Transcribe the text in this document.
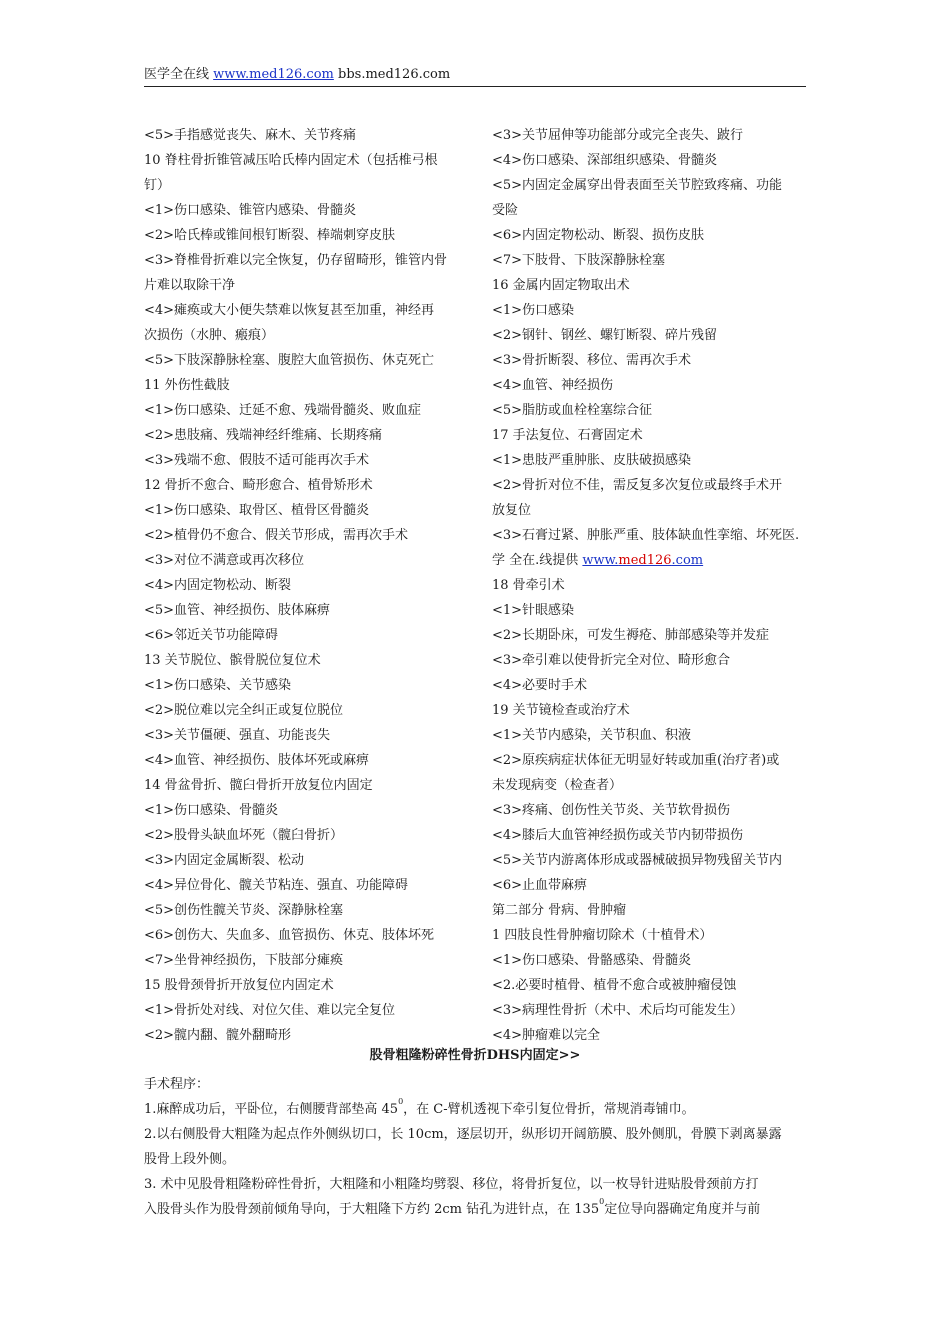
医学全在线 www.med126.com bbs.med126.com
<5>手指感觉丧失、麻木、关节疼痛
10 脊柱骨折锥管减压哈氏棒内固定术（包括椎弓根
钉）
<1>伤口感染、锥管内感染、骨髓炎
<2>哈氏棒或锥间根钉断裂、棒端刺穿皮肤
<3>脊椎骨折难以完全恢复，仍存留畸形，锥管内骨
片难以取除干净
<4>瘫痪或大小便失禁难以恢复甚至加重，神经再
次损伤（水肿、瘢痕）
<5>下肢深静脉栓塞、腹腔大血管损伤、休克死亡
11 外伤性截肢
<1>伤口感染、迁延不愈、残端骨髓炎、败血症
<2>患肢痛、残端神经纤维痛、长期疼痛
<3>残端不愈、假肢不适可能再次手术
12 骨折不愈合、畸形愈合、植骨矫形术
<1>伤口感染、取骨区、植骨区骨髓炎
<2>植骨仍不愈合、假关节形成，需再次手术
<3>对位不满意或再次移位
<4>内固定物松动、断裂
<5>血管、神经损伤、肢体麻痹
<6>邻近关节功能障碍
13 关节脱位、髌骨脱位复位术
<1>伤口感染、关节感染
<2>脱位难以完全纠正或复位脱位
<3>关节僵硬、强直、功能丧失
<4>血管、神经损伤、肢体坏死或麻痹
14 骨盆骨折、髋臼骨折开放复位内固定
<1>伤口感染、骨髓炎
<2>股骨头缺血坏死（髋臼骨折）
<3>内固定金属断裂、松动
<4>异位骨化、髋关节粘连、强直、功能障碍
<5>创伤性髋关节炎、深静脉栓塞
<6>创伤大、失血多、血管损伤、休克、肢体坏死
<7>坐骨神经损伤，下肢部分瘫痪
15 股骨颈骨折开放复位内固定术
<1>骨折处对线、对位欠佳、难以完全复位
<2>髋内翻、髋外翻畸形
<3>关节屈伸等功能部分或完全丧失、跛行
<4>伤口感染、深部组织感染、骨髓炎
<5>内固定金属穿出骨表面至关节腔致疼痛、功能
受险
<6>内固定物松动、断裂、损伤皮肤
<7>下肢骨、下肢深静脉栓塞
16 金属内固定物取出术
<1>伤口感染
<2>钢针、钢丝、螺钉断裂、碎片残留
<3>骨折断裂、移位、需再次手术
<4>血管、神经损伤
<5>脂肪或血栓栓塞综合征
17 手法复位、石膏固定术
<1>患肢严重肿胀、皮肤破损感染
<2>骨折对位不佳，需反复多次复位或最终手术开
放复位
<3>石膏过紧、肿胀严重、肢体缺血性挛缩、坏死医.
学 全在.线提供 www.med126.com
18 骨牵引术
<1>针眼感染
<2>长期卧床，可发生褥疮、肺部感染等并发症
<3>牵引难以使骨折完全对位、畸形愈合
<4>必要时手术
19 关节镜检查或治疗术
<1>关节内感染，关节积血、积液
<2>原疾病症状体征无明显好转或加重(治疗者)或
未发现病变（检查者）
<3>疼痛、创伤性关节炎、关节软骨损伤
<4>膝后大血管神经损伤或关节内韧带损伤
<5>关节内游离体形成或器械破损异物残留关节内
<6>止血带麻痹
第二部分 骨病、骨肿瘤
1 四肢良性骨肿瘤切除术（十植骨术）
<1>伤口感染、骨骼感染、骨髓炎
<2.必要时植骨、植骨不愈合或被肿瘤侵蚀
<3>病理性骨折（术中、术后均可能发生）
<4>肿瘤难以完全
股骨粗隆粉碎性骨折DHS内固定>>
手术程序：
1.麻醉成功后，平卧位，右侧腰背部垫高 $45^0$，在 C-臂机透视下牵引复位骨折，常规消毒铺巾。
2.以右侧股骨大粗隆为起点作外侧纵切口，长 10cm，逐层切开，纵形切开阔筋膜、股外侧肌，骨膜下剥离暴露
股骨上段外侧。
3. 术中见股骨粗隆粉碎性骨折，大粗隆和小粗隆均劈裂、移位，将骨折复位，以一枚导针进贴股骨颈前方打
入股骨头作为股骨颈前倾角导向，于大粗隆下方约 2cm 钻孔为进针点，在 $135^0$定位导向器确定角度并与前
